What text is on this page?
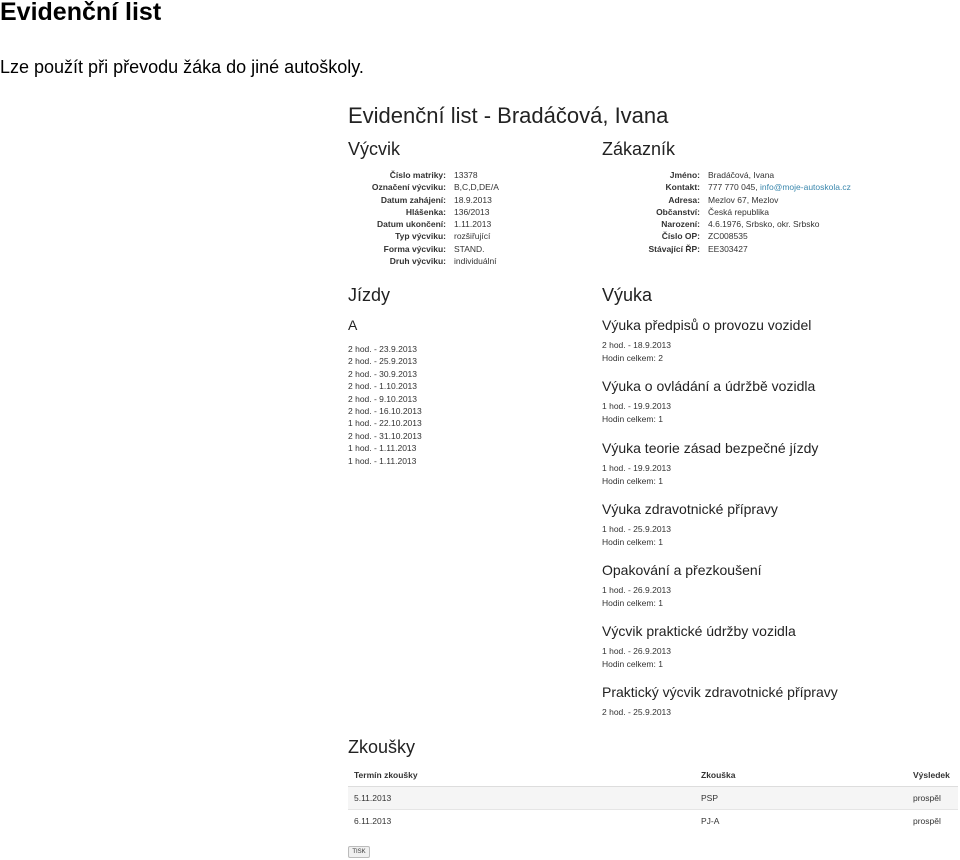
Evidenční list

Lze použít při převodu žáka do jiné autoškoly.

Evidenční list - Bradáčová, Ivana
Výcvik
Číslo matriky: 13378
Označení výcviku: B,C,D,DE/A
Datum zahájení: 18.9.2013
Hlášenka: 136/2013
Datum ukončení: 1.11.2013
Typ výcviku: rozšiřující
Forma výcviku: STAND.
Druh výcviku: individuální
Zákazník
Jméno: Bradáčová, Ivana
Kontakt: 777 770 045, info@moje-autoskola.cz
Adresa: Mezlov 67, Mezlov
Občanství: Česká republika
Narození: 4.6.1976, Srbsko, okr. Srbsko
Číslo OP: ZC008535
Stávající ŘP: EE303427
Jízdy
A
2 hod. - 23.9.2013
2 hod. - 25.9.2013
2 hod. - 30.9.2013
2 hod. - 1.10.2013
2 hod. - 9.10.2013
2 hod. - 16.10.2013
1 hod. - 22.10.2013
2 hod. - 31.10.2013
1 hod. - 1.11.2013
1 hod. - 1.11.2013
Výuka
Výuka předpisů o provozu vozidel
2 hod. - 18.9.2013
Hodin celkem: 2
Výuka o ovládání a údržbě vozidla
1 hod. - 19.9.2013
Hodin celkem: 1
Výuka teorie zásad bezpečné jízdy
1 hod. - 19.9.2013
Hodin celkem: 1
Výuka zdravotnické přípravy
1 hod. - 25.9.2013
Hodin celkem: 1
Opakování a přezkoušení
1 hod. - 26.9.2013
Hodin celkem: 1
Výcvik praktické údržby vozidla
1 hod. - 26.9.2013
Hodin celkem: 1
Praktický výcvik zdravotnické přípravy
2 hod. - 25.9.2013
Zkoušky
Termín zkoušky	Zkouška	Výsledek
5.11.2013	PSP	prospěl
6.11.2013	PJ-A	prospěl
TISK
